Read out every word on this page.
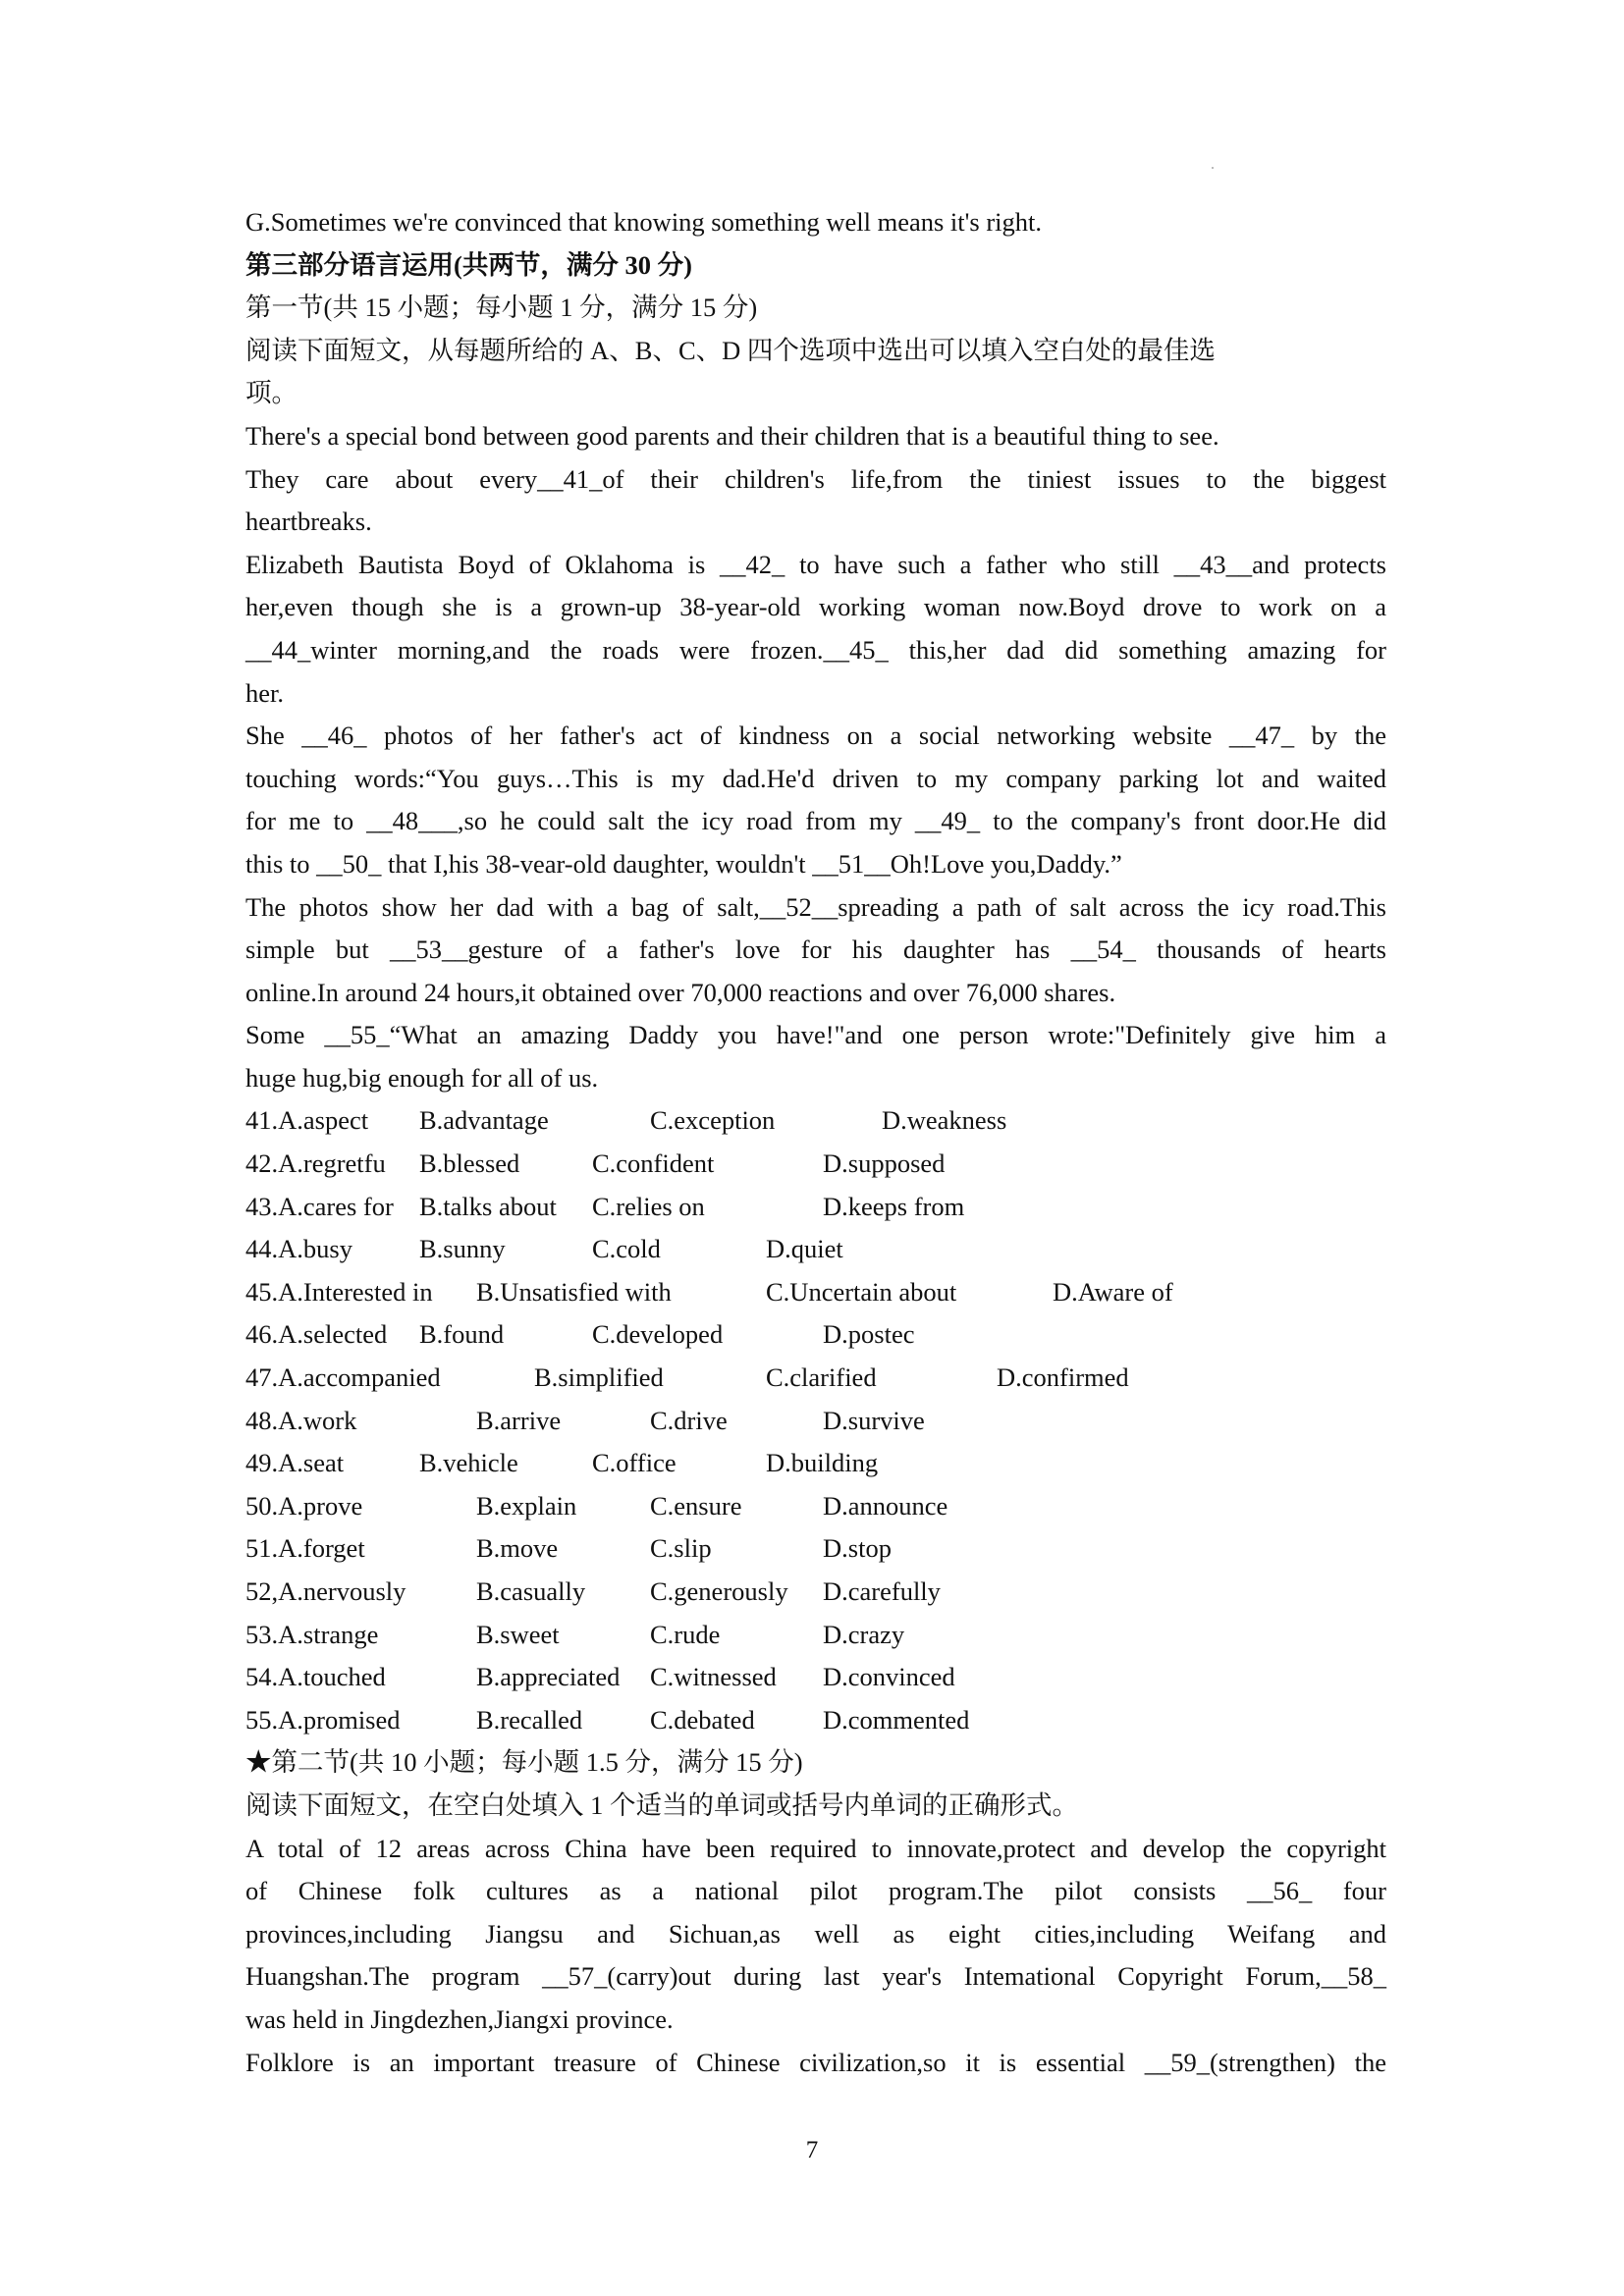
G.Sometimes we're convinced that knowing something well means it's right.
第三部分语言运用(共两节，满分 30 分)
第一节(共 15 小题；每小题 1 分，满分 15 分)
阅读下面短文，从每题所给的 A、B、C、D 四个选项中选出可以填入空白处的最佳选
项。
There's a special bond between good parents and their children that is a beautiful thing to see.
They care about every__41_of their children's life,from the tiniest issues to the biggest
heartbreaks.
Elizabeth Bautista Boyd of Oklahoma is __42_ to have such a father who still __43__and protects
her,even though she is a grown-up 38-year-old working woman now.Boyd drove to work on a
__44_winter morning,and the roads were frozen.__45_ this,her dad did something amazing for
her.
She __46_ photos of her father's act of kindness on a social networking website __47_ by the
touching words:“You guys…This is my dad.He'd driven to my company parking lot and waited
for me to __48___,so he could salt the icy road from my __49_ to the company's front door.He did
this to __50_ that I,his 38-vear-old daughter, wouldn't __51__Oh!Love you,Daddy.”
The photos show her dad with a bag of salt,__52__spreading a path of salt across the icy road.This
simple but __53__gesture of a father's love for his daughter has __54_ thousands of hearts
online.In around 24 hours,it obtained over 70,000 reactions and over 76,000 shares.
Some __55_“What an amazing Daddy you have!"and one person wrote:"Definitely give him a
huge hug,big enough for all of us.
41.A.aspect B.advantage	C.exception	D.weakness
42.A.regretfu B.blessed	C.confident	D.supposed
43.A.cares for B.talks about C.relies on	D.keeps from
44.A.busy	B.sunny	C.cold	D.quiet
45.A.Interested in B.Unsatisfied with	C.Uncertain about	D.Aware of
46.A.selected B.found	C.developed	D.postec
47.A.accompanied	B.simplified	C.clarified	D.confirmed
48.A.work	B.arrive	C.drive	D.survive
49.A.seat	B.vehicle	C.office	D.building
50.A.prove	B.explain	C.ensure	D.announce
51.A.forget	B.move	C.slip	D.stop
52,A.nervously	B.casually C.generously D.carefully
53.A.strange	B.sweet	C.rude	D.crazy
54.A.touched	B.appreciated C.witnessed D.convinced
55.A.promised	B.recalled	C.debated	D.commented
★第二节(共 10 小题；每小题 1.5 分，满分 15 分)
阅读下面短文，在空白处填入 1 个适当的单词或括号内单词的正确形式。
A total of 12 areas across China have been required to innovate,protect and develop the copyright
of Chinese folk cultures as a national pilot program.The pilot consists __56_ four
provinces,including Jiangsu and Sichuan,as well as eight cities,including Weifang and
Huangshan.The program __57_(carry)out during last year's Intemational Copyright Forum,__58_
was held in Jingdezhen,Jiangxi province.
Folklore is an important treasure of Chinese civilization,so it is essential __59_(strengthen) the
7
